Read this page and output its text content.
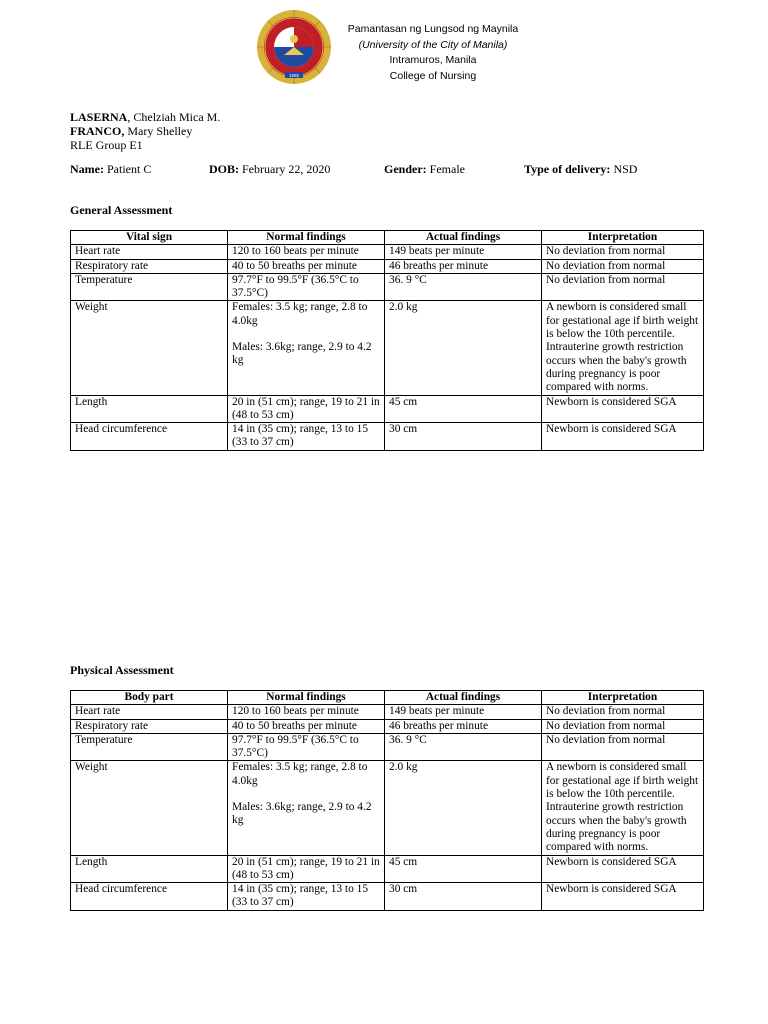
1965
Pamantasan ng Lungsod ng Maynila
(University of the City of Manila)
Intramuros, Manila
College of Nursing
LASERNA, Chelziah Mica M.
FRANCO, Mary Shelley
RLE Group E1
Name: Patient C	DOB: February 22, 2020	Gender: Female	Type of delivery: NSD
General Assessment
Vital sign	Normal findings	Actual findings	Interpretation
Heart rate	120 to 160 beats per minute	149 beats per minute	No deviation from normal
Respiratory rate	40 to 50 breaths per minute	46 breaths per minute	No deviation from normal
Temperature	97.7°F to 99.5°F (36.5°C to 37.5°C)	36. 9 °C	No deviation from normal
Weight	Females: 3.5 kg; range, 2.8 to 4.0kg
Males: 3.6kg; range, 2.9 to 4.2 kg	2.0 kg	A newborn is considered small for gestational age if birth weight is below the 10th percentile. Intrauterine growth restriction occurs when the baby's growth during pregnancy is poor compared with norms.
Length	20 in (51 cm); range, 19 to 21 in (48 to 53 cm)	45 cm	Newborn is considered SGA
Head circumference	14 in (35 cm); range, 13 to 15 (33 to 37 cm)	30 cm	Newborn is considered SGA
Physical Assessment
Body part	Normal findings	Actual findings	Interpretation
Heart rate	120 to 160 beats per minute	149 beats per minute	No deviation from normal
Respiratory rate	40 to 50 breaths per minute	46 breaths per minute	No deviation from normal
Temperature	97.7°F to 99.5°F (36.5°C to 37.5°C)	36. 9 °C	No deviation from normal
Weight	Females: 3.5 kg; range, 2.8 to 4.0kg
Males: 3.6kg; range, 2.9 to 4.2 kg	2.0 kg	A newborn is considered small for gestational age if birth weight is below the 10th percentile. Intrauterine growth restriction occurs when the baby's growth during pregnancy is poor compared with norms.
Length	20 in (51 cm); range, 19 to 21 in (48 to 53 cm)	45 cm	Newborn is considered SGA
Head circumference	14 in (35 cm); range, 13 to 15 (33 to 37 cm)	30 cm	Newborn is considered SGA
